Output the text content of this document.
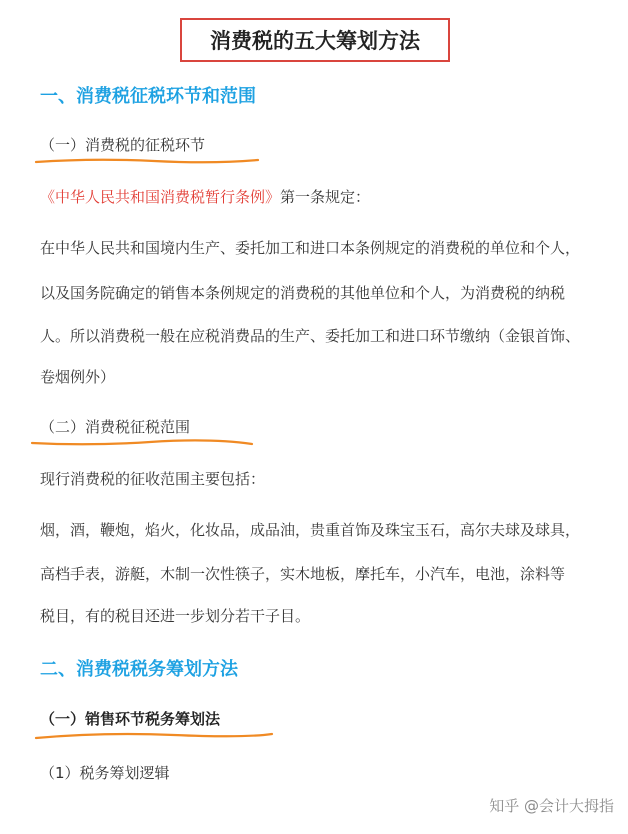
消费税的五大筹划方法
一、消费税征税环节和范围
（一）消费税的征税环节
《中华人民共和国消费税暂行条例》第一条规定：
在中华人民共和国境内生产、委托加工和进口本条例规定的消费税的单位和个人，
以及国务院确定的销售本条例规定的消费税的其他单位和个人，为消费税的纳税
人。所以消费税一般在应税消费品的生产、委托加工和进口环节缴纳（金银首饰、
卷烟例外）
（二）消费税征税范围
现行消费税的征收范围主要包括：
烟，酒，鞭炮，焰火，化妆品，成品油，贵重首饰及珠宝玉石，高尔夫球及球具，
高档手表，游艇，木制一次性筷子，实木地板，摩托车，小汽车，电池，涂料等
税目，有的税目还进一步划分若干子目。
二、消费税税务筹划方法
（一）销售环节税务筹划法
（1）税务筹划逻辑
知乎 @会计大拇指
